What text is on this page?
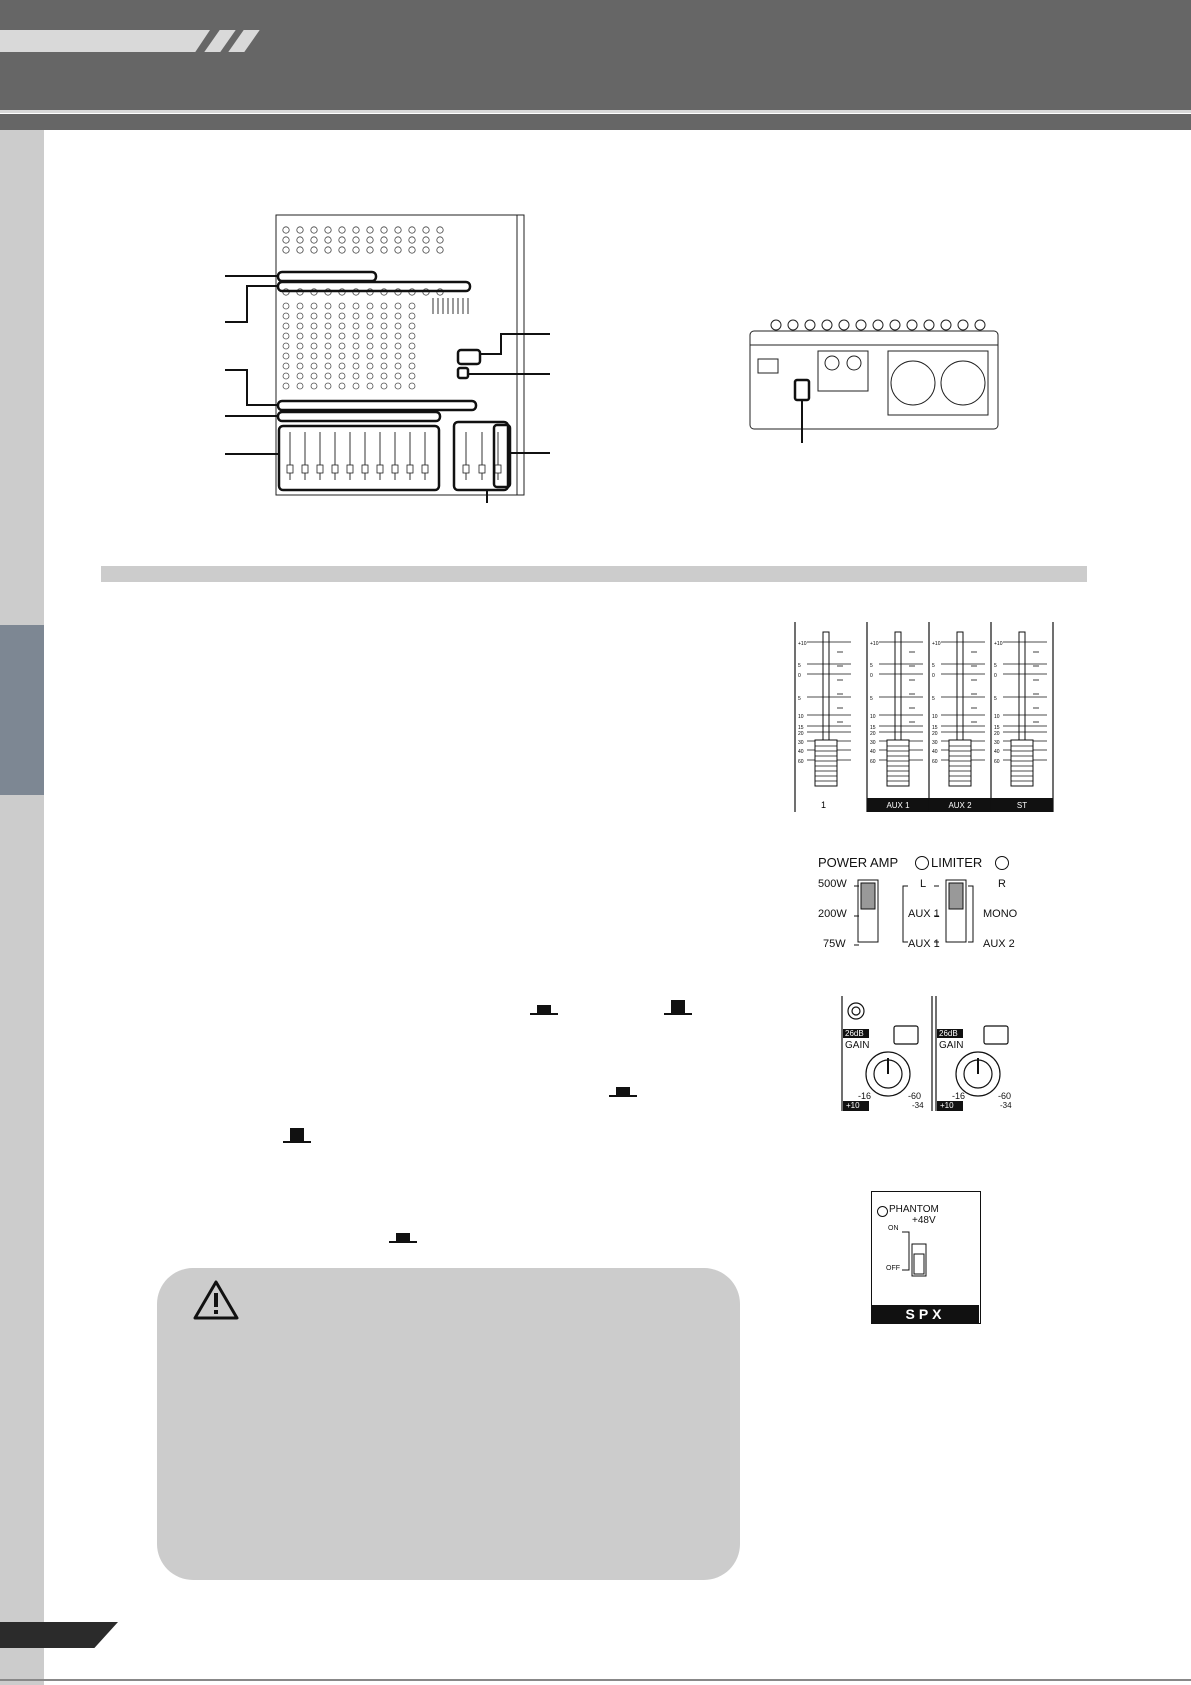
+10
5
0
5
10
15
20
30
40
60
1
+10
5
0
5
10
15
20
30
40
60
AUX 1
+10
5
0
5
10
15
20
30
40
60
AUX 2
+10
5
0
5
10
15
20
30
40
60
ST
POWER AMP	LIMITER
500W
200W
75W
L
AUX 1
AUX 1
R
MONO
AUX 2
26dB	26dB
GAIN	GAIN
-16	-60	-16	-60
+10	-34 +10	-34
PHANTOM
+48V
ON
OFF
SPX
